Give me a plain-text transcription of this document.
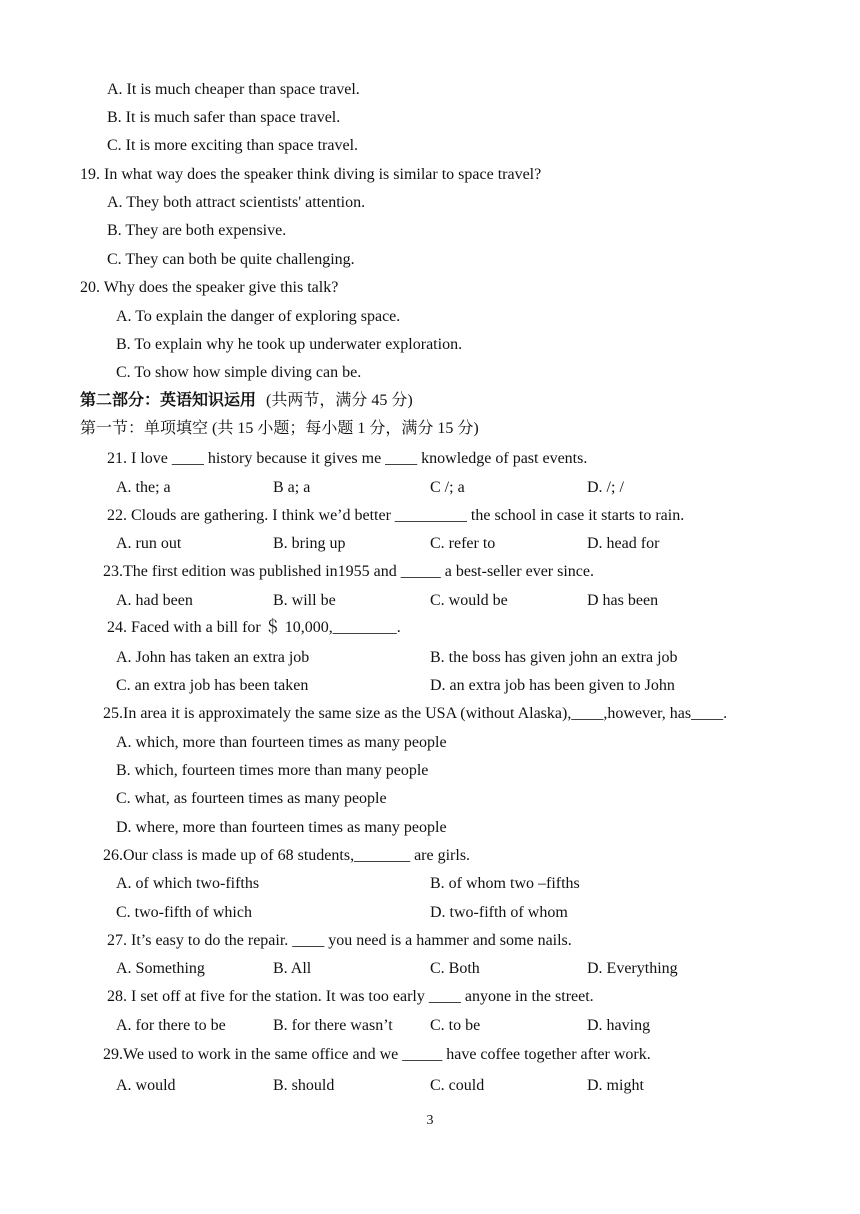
A. It is much cheaper than space travel.
B. It is much safer than space travel.
C. It is more exciting than space travel.
19. In what way does the speaker think diving is similar to space travel?
A. They both attract scientists' attention.
B. They are both expensive.
C. They can both be quite challenging.
20. Why does the speaker give this talk?
A. To explain the danger of exploring space.
B. To explain why he took up underwater exploration.
C. To show how simple diving can be.
第二部分：英语知识运用 (共两节，满分 45 分)
第一节：单项填空 (共 15 小题；每小题 1 分，满分 15 分)
21. I love ____ history because it gives me ____ knowledge of past events.
A. the; a	B a; a	C /; a	D. /; /
22. Clouds are gathering. I think we’d better _________ the school in case it starts to rain.
A. run out	B. bring up	C. refer to	D. head for
23.The first edition was published in1955 and _____ a best-seller ever since.
A. had been	B. will be	C. would be	D has been
24. Faced with a bill for ＄ 10,000,________.
A. John has taken an extra job	B. the boss has given john an extra job
C. an extra job has been taken	D. an extra job has been given to John
25.In area it is approximately the same size as the USA (without Alaska),____,however, has____.
A. which, more than fourteen times as many people
B. which, fourteen times more than many people
C. what, as fourteen times as many people
D. where, more than fourteen times as many people
26.Our class is made up of 68 students,_______ are girls.
A. of which two-fifths	B. of whom two –fifths
C. two-fifth of which	D. two-fifth of whom
27. It’s easy to do the repair. ____ you need is a hammer and some nails.
A. Something	B. All	C. Both	D. Everything
28. I set off at five for the station. It was too early ____ anyone in the street.
A. for there to be	B. for there wasn’t C. to be	D. having
29.We used to work in the same office and we _____ have coffee together after work.
A. would	B. should	C. could	D. might
3
